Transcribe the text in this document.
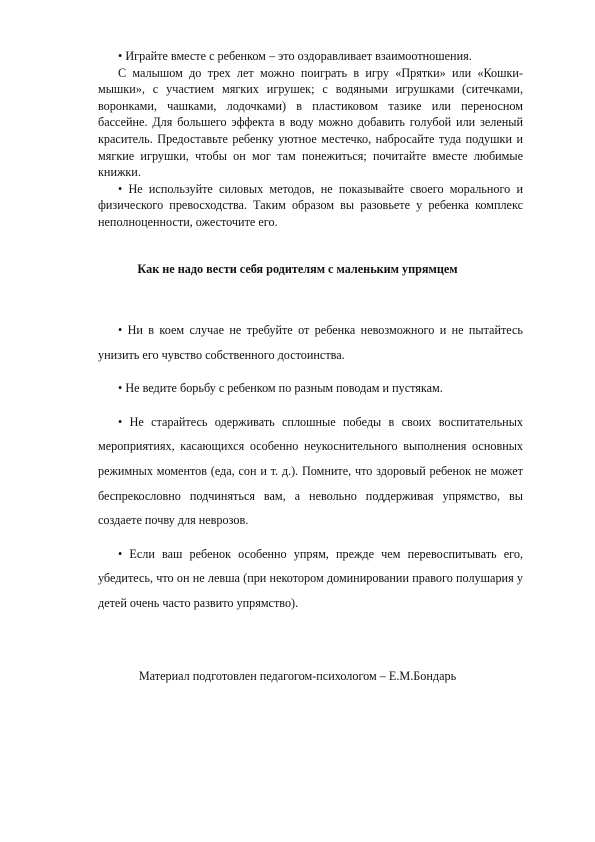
• Играйте вместе с ребенком – это оздоравливает взаимоотношения.

С малышом до трех лет можно поиграть в игру «Прятки» или «Кошки-мышки», с участием мягких игрушек; с водяными игрушками (ситечками, воронками, чашками, лодочками) в пластиковом тазике или переносном бассейне. Для большего эффекта в воду можно добавить голубой или зеленый краситель. Предоставьте ребенку уютное местечко, набросайте туда подушки и мягкие игрушки, чтобы он мог там понежиться; почитайте вместе любимые книжки.

• Не используйте силовых методов, не показывайте своего морального и физического превосходства. Таким образом вы разовьете у ребенка комплекс неполноценности, ожесточите его.

Как не надо вести себя родителям с маленьким упрямцем

• Ни в коем случае не требуйте от ребенка невозможного и не пытайтесь унизить его чувство собственного достоинства.

• Не ведите борьбу с ребенком по разным поводам и пустякам.

• Не старайтесь одерживать сплошные победы в своих воспитательных мероприятиях, касающихся особенно неукоснительного выполнения основных режимных моментов (еда, сон и т. д.). Помните, что здоровый ребенок не может беспрекословно подчиняться вам, а невольно поддерживая упрямство, вы создаете почву для неврозов.

• Если ваш ребенок особенно упрям, прежде чем перевоспитывать его, убедитесь, что он не левша (при некотором доминировании правого полушария у детей очень часто развито упрямство).

Материал подготовлен педагогом-психологом – Е.М.Бондарь
